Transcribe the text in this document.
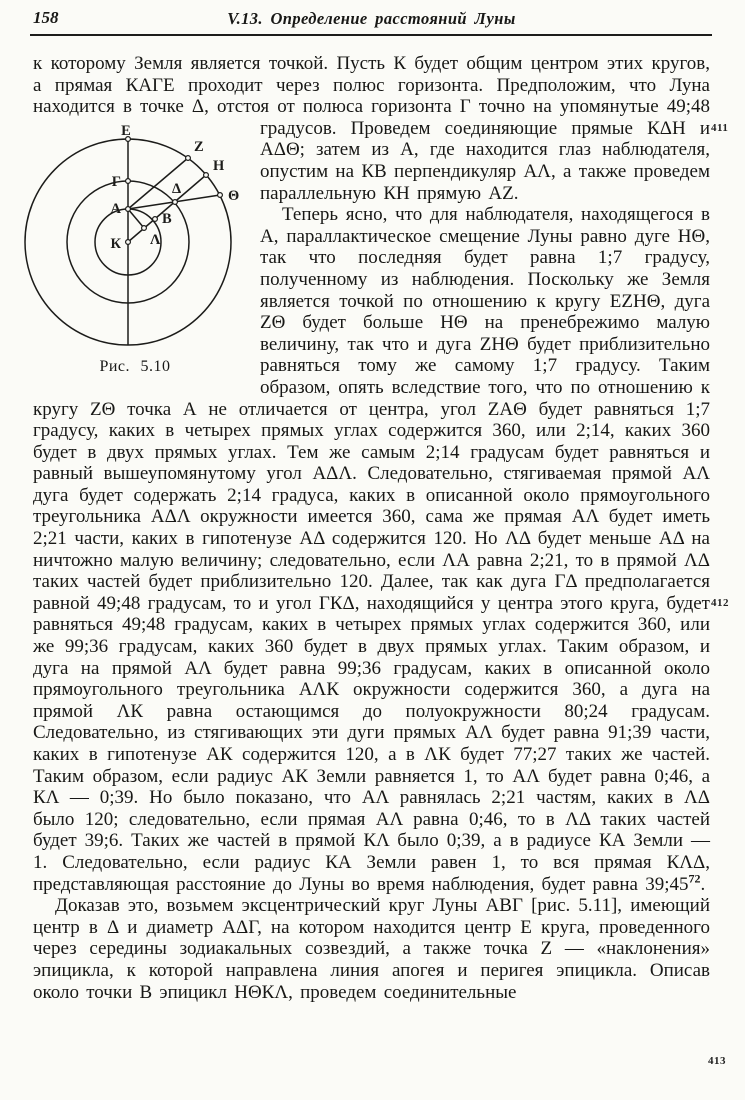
158	V.13. Определение расстояний Луны
411
412
413

к которому Земля является точкой. Пусть К будет общим центром этих кругов, а прямая КАГЕ проходит через полюс горизонта. Предположим, что Луна находится в точке Δ, отстоя от полюса горизонта Г точно на
Е
Z
Н
Θ
Г
А
Δ
В
К Λ
Рис. 5.10
упомянутые 49;48 градусов. Проведем соединяющие прямые КΔН и АΔΘ; затем из А, где находится глаз наблюдателя, опустим на КВ перпендикуляр АΛ, а также проведем параллельную КН прямую AZ.

Теперь ясно, что для наблюдателя, находящегося в А, параллактическое смещение Луны равно дуге НΘ, так что последняя будет равна 1;7 градусу, полученному из наблюдения. Поскольку же Земля является точкой по отношению к кругу EZHΘ, дуга ZΘ будет больше НΘ на пренебрежимо малую величину, так что и дуга ZHΘ будет приблизительно равняться тому же самому 1;7 градусу. Таким образом, опять вследствие того, что по отношению к кругу ZΘ точка А не отличается от центра, угол ZАΘ будет равняться 1;7 градусу, каких в четырех прямых углах содержится 360, или 2;14, каких 360 будет в двух прямых углах. Тем же самым 2;14 градусам будет равняться и равный вышеупомянутому угол АΔΛ. Следовательно, стягиваемая прямой АΛ дуга будет содержать 2;14 градуса, каких в описанной около прямоугольного треугольника АΔΛ окружности имеется 360, сама же прямая АΛ будет иметь 2;21 части, каких в гипотенузе АΔ содержится 120. Но ΛΔ будет меньше АΔ на ничтожно малую величину; следовательно, если ΛА равна 2;21, то в прямой ΛΔ таких частей будет приблизительно 120. Далее, так как дуга ГΔ предполагается равной 49;48 градусам, то и угол ГКΔ, находящийся у центра этого круга, будет равняться 49;48 градусам, каких в четырех прямых углах содержится 360, или же 99;36 градусам, каких 360 будет в двух прямых углах. Таким образом, и дуга на прямой АΛ будет равна 99;36 градусам, каких в описанной около прямоугольного треугольника АΛК окружности содержится 360, а дуга на прямой ΛК равна остающимся до полуокружности 80;24 градусам. Следовательно, из стягивающих эти дуги прямых АΛ будет равна 91;39 части, каких в гипотенузе АК содержится 120, а в ΛК будет 77;27 таких же частей. Таким образом, если радиус АК Земли равняется 1, то АΛ будет равна 0;46, а КΛ — 0;39. Но было показано, что АΛ равнялась 2;21 частям, каких в ΛΔ было 120; следовательно, если прямая АΛ равна 0;46, то в ΛΔ таких частей будет 39;6. Таких же частей в прямой КΛ было 0;39, а в радиусе КА Земли — 1. Следовательно, если радиус КА Земли равен 1, то вся прямая КΛΔ, представляющая расстояние до Луны во время наблюдения, будет равна 39;45$^{72}$.

Доказав это, возьмем эксцентрический круг Луны АВГ [рис. 5.11], имеющий центр в Δ и диаметр АΔГ, на котором находится центр Е круга, проведенного через середины зодиакальных созвездий, а также точка Z — «наклонения» эпицикла, к которой направлена линия апогея и перигея эпицикла. Описав около точки В эпицикл НΘКΛ, проведем соединительные
